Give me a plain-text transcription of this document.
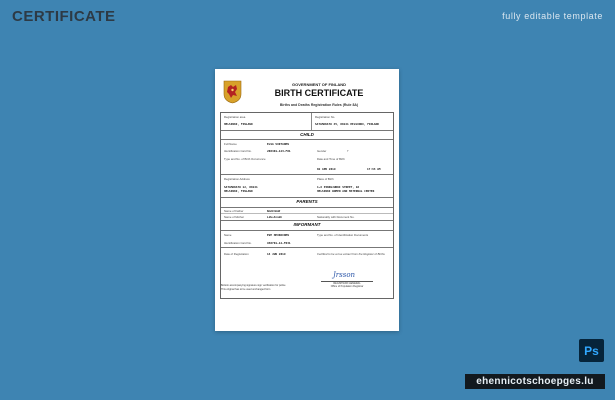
CERTIFICATE	fully editable template
GOVERNMENT OF FINLAND
BIRTH CERTIFICATE
Births and Deaths Registration Rules (Rule 8A)
Registration area
HELSINKI, FINLAND
Registration No.
SATAMAKATU 45, 00141 HELSINKI, FINLAND
CHILD
Full Name	ELSA VIRTANEN
Identification Card No.	200401-123-F01	Gender	F
Type and No. of Birth Occurrence	Date and Time of Birth
02 APR 2019	17:33 AM
Registration Address
SATAMAKATU 12, 00141
HELSINKI, FINLAND
Place of Birth
1-6 PIKKUJUNKI STREET, 10
HELSINKI WOMEN AND MATERNAL CENTER
PARENTS
Name of Father	Matti Nelli
Name of Mother	Lilia Anniki	Nationality with Document No.
INFORMANT
Name	EVE HEIKKINEN	Type and No. of Identification Documents
Identification Card No.	930701-12-F031
Date of Registration	14 JUN 2019	Certified to be a true extract from the Register of Births
Jrsson
REGISTRAR GENERAL
Office of Population Registrar
Bottom accompanying signature sign verification for police
This original has to be used unchanged form
Ps
ehennicotschoepges.lu
